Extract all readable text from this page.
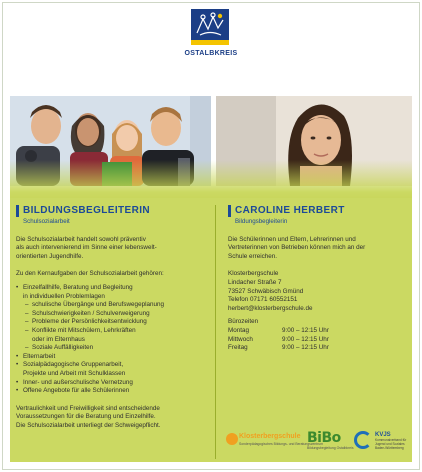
OSTALBKREIS
BILDUNGSBEGLEITERIN
Schulsozialarbeit
Die Schulsozialarbeit handelt sowohl präventiv
als auch intervenierend im Sinne einer lebenswelt-
orientierten Jugendhilfe.
Zu den Kernaufgaben der Schulsozialarbeit gehören:
• Einzelfallhilfe, Beratung und Begleitung
in individuellen Problemlagen
– schulische Übergänge und Berufswegeplanung
– Schulschwierigkeiten / Schulverweigerung
– Probleme der Persönlichkeitsentwicklung
– Konflikte mit Mitschülern, Lehrkräften
oder im Elternhaus
– Soziale Auffälligkeiten
• Elternarbeit
• Sozialpädagogische Gruppenarbeit,
Projekte und Arbeit mit Schulklassen
• Inner- und außerschulische Vernetzung
• Offene Angebote für alle Schülerinnen
Vertraulichkeit und Freiwilligkeit sind entscheidende
Voraussetzungen für die Beratung und Einzelhilfe.
Die Schulsozialarbeit unterliegt der Schweigepflicht.
CAROLINE HERBERT
Bildungsbegleiterin
Die Schülerinnen und Eltern, Lehrerinnen und
Vertreterinnen von Betrieben können mich an der
Schule erreichen.
Klosterbergschule
Lindacher Straße 7
73527 Schwäbisch Gmünd
Telefon 07171 60552151
herbert@klosterbergschule.de
Bürozeiten
Montag	9:00 – 12:15 Uhr
Mittwoch	9:00 – 12:15 Uhr
Freitag	9:00 – 12:15 Uhr
Klosterbergschule
Sonderpädagogisches Bildungs- und Beratungszentrum
BiBo
Bildungsbegleitung Ostalbkreis
KVJS
Kommunalverband für Jugend und Soziales Baden-Württemberg
